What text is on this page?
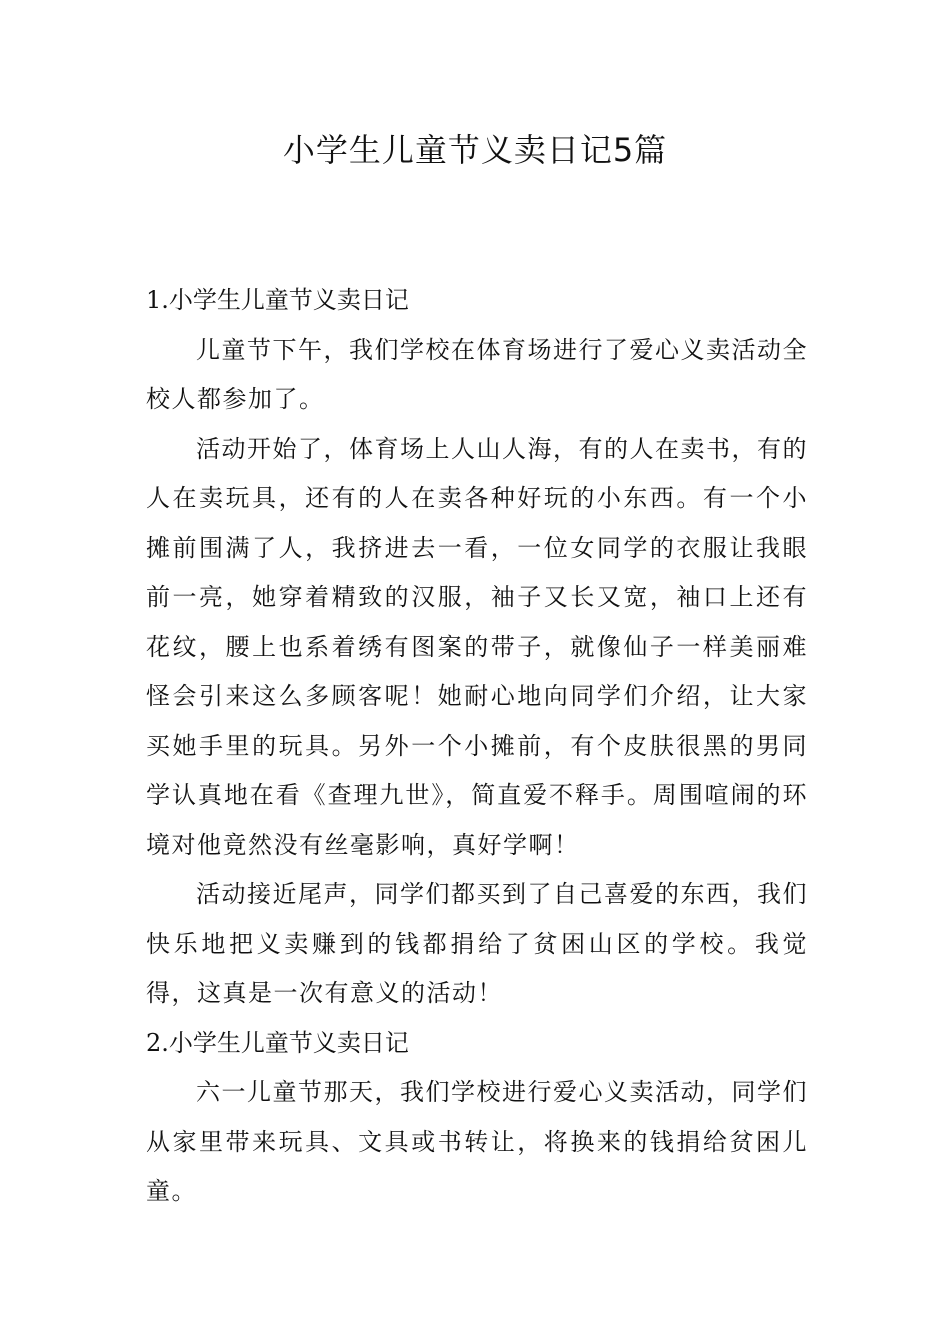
小学生儿童节义卖日记5篇
1.小学生儿童节义卖日记

儿童节下午，我们学校在体育场进行了爱心义卖活动全校人都参加了。

活动开始了，体育场上人山人海，有的人在卖书，有的人在卖玩具，还有的人在卖各种好玩的小东西。有一个小摊前围满了人，我挤进去一看，一位女同学的衣服让我眼前一亮，她穿着精致的汉服，袖子又长又宽，袖口上还有花纹，腰上也系着绣有图案的带子，就像仙子一样美丽难怪会引来这么多顾客呢！她耐心地向同学们介绍，让大家买她手里的玩具。另外一个小摊前，有个皮肤很黑的男同学认真地在看《查理九世》，简直爱不释手。周围喧闹的环境对他竟然没有丝毫影响，真好学啊！

活动接近尾声，同学们都买到了自己喜爱的东西，我们快乐地把义卖赚到的钱都捐给了贫困山区的学校。我觉得，这真是一次有意义的活动！

2.小学生儿童节义卖日记

六一儿童节那天，我们学校进行爱心义卖活动，同学们从家里带来玩具、文具或书转让，将换来的钱捐给贫困儿童。
